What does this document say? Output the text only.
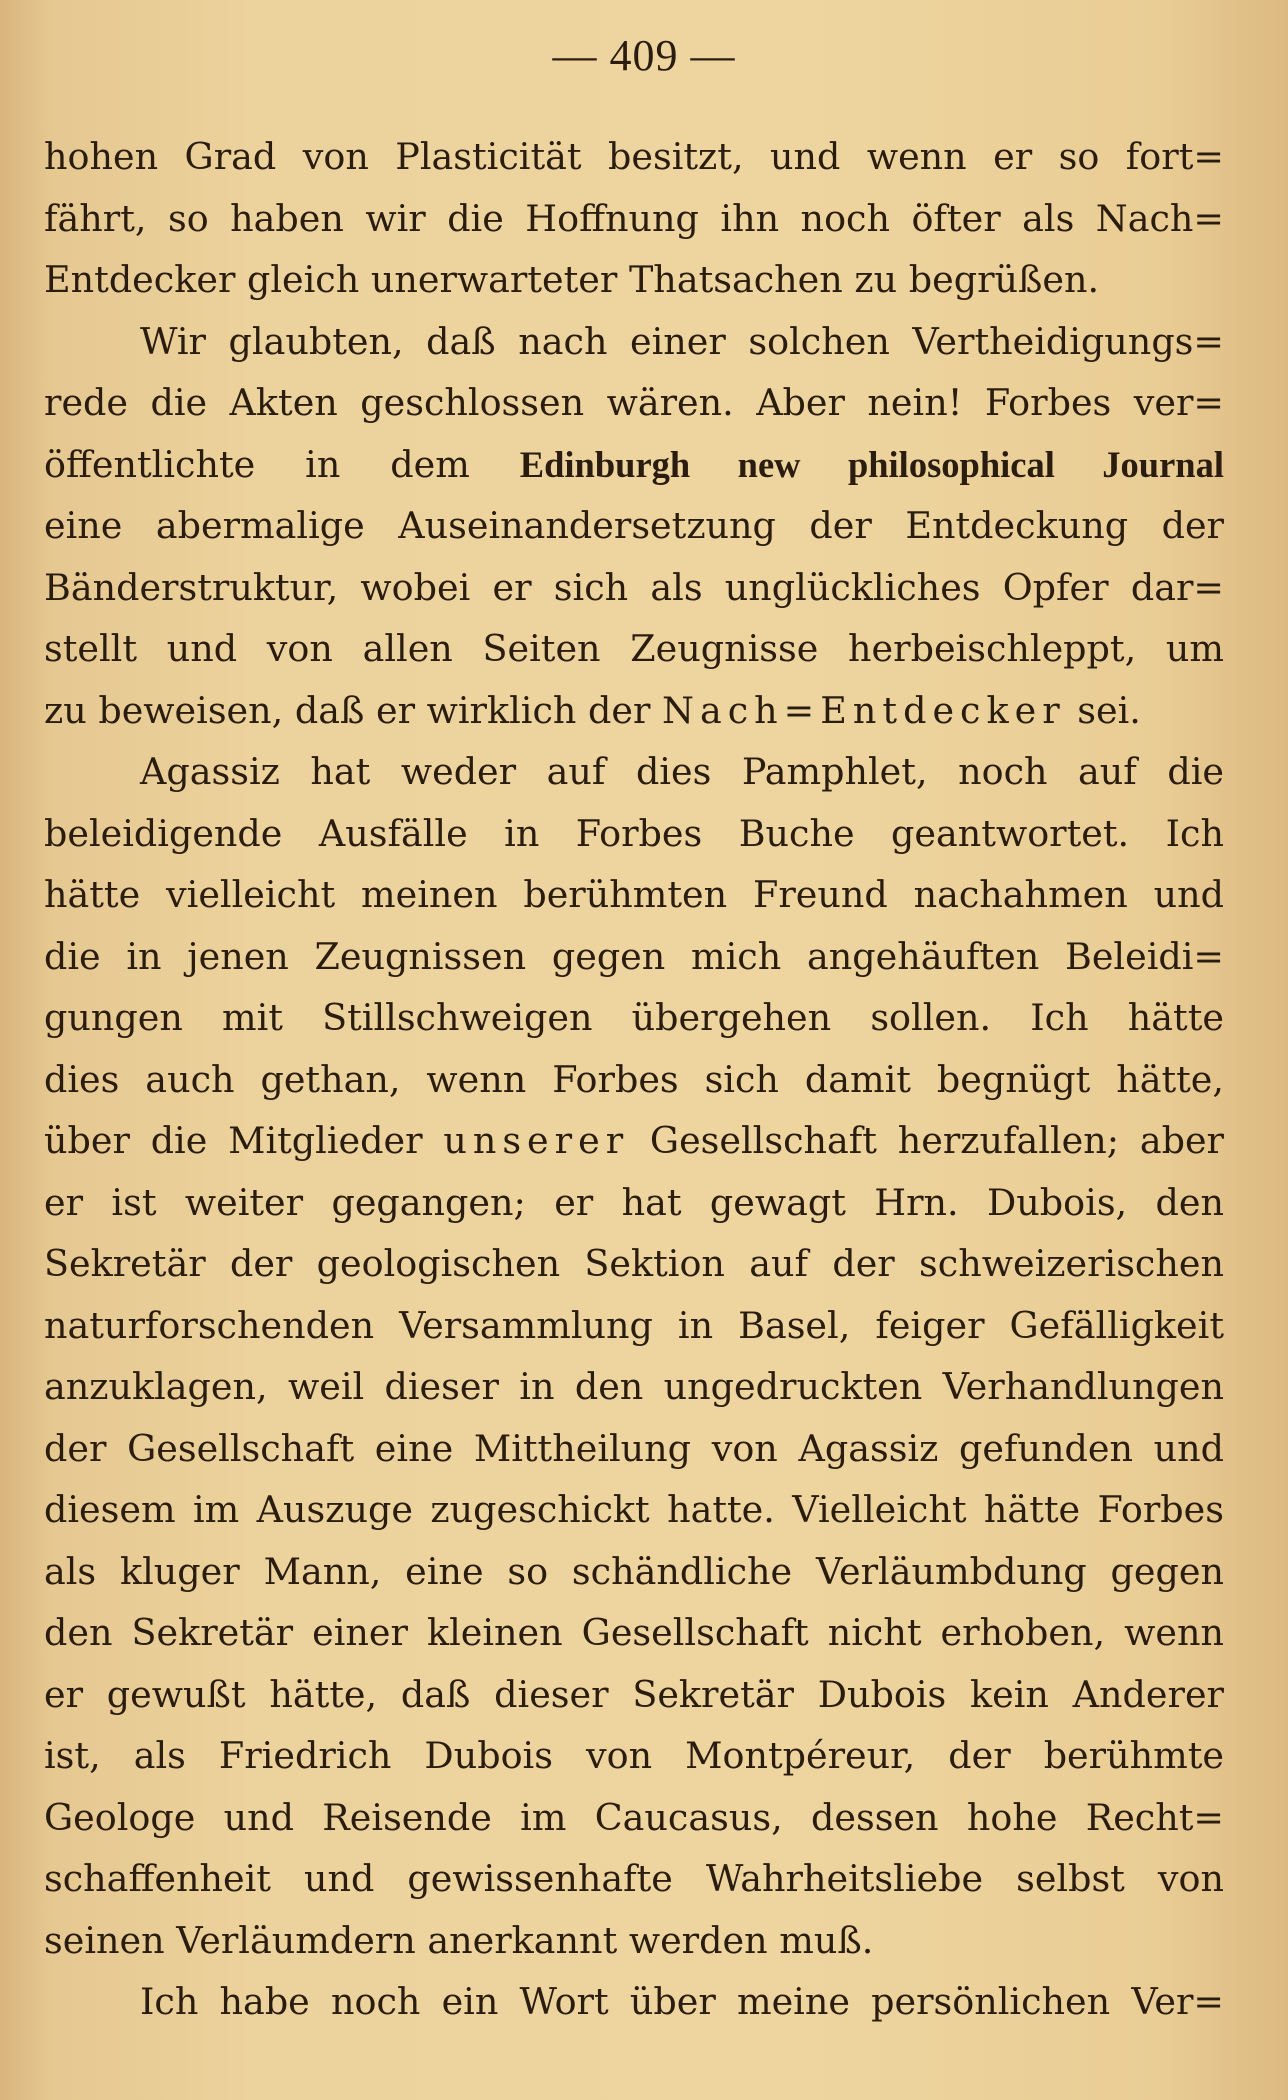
— 409 —
hohen Grad von Plasticität besitzt, und wenn er so fort=
fährt, so haben wir die Hoffnung ihn noch öfter als Nach=
Entdecker gleich unerwarteter Thatsachen zu begrüßen.
Wir glaubten, daß nach einer solchen Vertheidigungs=
rede die Akten geschlossen wären. Aber nein! Forbes ver=
öffentlichte in dem Edinburgh new philosophical Journal
eine abermalige Auseinandersetzung der Entdeckung der
Bänderstruktur, wobei er sich als unglückliches Opfer dar=
stellt und von allen Seiten Zeugnisse herbeischleppt, um
zu beweisen, daß er wirklich der Nach=Entdecker sei.
Agassiz hat weder auf dies Pamphlet, noch auf die
beleidigende Ausfälle in Forbes Buche geantwortet. Ich
hätte vielleicht meinen berühmten Freund nachahmen und
die in jenen Zeugnissen gegen mich angehäuften Beleidi=
gungen mit Stillschweigen übergehen sollen. Ich hätte
dies auch gethan, wenn Forbes sich damit begnügt hätte,
über die Mitglieder unserer Gesellschaft herzufallen; aber
er ist weiter gegangen; er hat gewagt Hrn. Dubois, den
Sekretär der geologischen Sektion auf der schweizerischen
naturforschenden Versammlung in Basel, feiger Gefälligkeit
anzuklagen, weil dieser in den ungedruckten Verhandlungen
der Gesellschaft eine Mittheilung von Agassiz gefunden und
diesem im Auszuge zugeschickt hatte. Vielleicht hätte Forbes
als kluger Mann, eine so schändliche Verläumbdung gegen
den Sekretär einer kleinen Gesellschaft nicht erhoben, wenn
er gewußt hätte, daß dieser Sekretär Dubois kein Anderer
ist, als Friedrich Dubois von Montpéreur, der berühmte
Geologe und Reisende im Caucasus, dessen hohe Recht=
schaffenheit und gewissenhafte Wahrheitsliebe selbst von
seinen Verläumdern anerkannt werden muß.
Ich habe noch ein Wort über meine persönlichen Ver=
